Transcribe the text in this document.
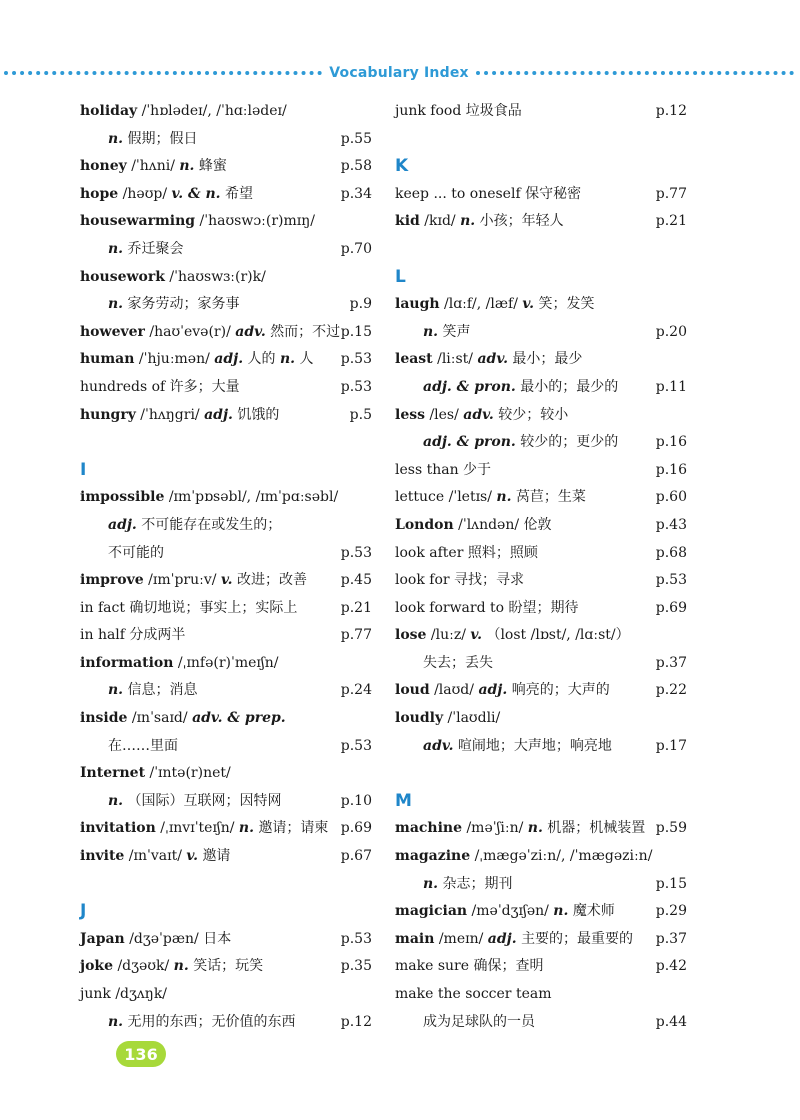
Vocabulary Index
holiday /ˈhɒlədeɪ/, /ˈhɑːlədeɪ/
n. 假期；假日	p.55
honey /ˈhʌni/ n. 蜂蜜	p.58
hope /həʊp/ v. & n. 希望	p.34
housewarming /ˈhaʊswɔː(r)mɪŋ/
n. 乔迁聚会	p.70
housework /ˈhaʊswɜː(r)k/
n. 家务劳动；家务事	p.9
however /haʊˈevə(r)/ adv. 然而；不过 p.15
human /ˈhjuːmən/ adj. 人的 n. 人 p.53
hundreds of 许多；大量	p.53
hungry /ˈhʌŋgri/ adj. 饥饿的	p.5
I
impossible /ɪmˈpɒsəbl/, /ɪmˈpɑːsəbl/
adj. 不可能存在或发生的；
不可能的	p.53
improve /ɪmˈpruːv/ v. 改进；改善 p.45
in fact 确切地说；事实上；实际上	p.21
in half 分成两半	p.77
information /ˌɪnfə(r)ˈmeɪʃn/
n. 信息；消息	p.24
inside /ɪnˈsaɪd/ adv. & prep.
在……里面	p.53
Internet /ˈɪntə(r)net/
n. （国际）互联网；因特网	p.10
invitation /ˌɪnvɪˈteɪʃn/ n. 邀请；请柬 p.69
invite /ɪnˈvaɪt/ v. 邀请	p.67
J
Japan /dʒəˈpæn/ 日本	p.53
joke /dʒəʊk/ n. 笑话；玩笑	p.35
junk /dʒʌŋk/
n. 无用的东西；无价值的东西	p.12
junk food 垃圾食品	p.12
K
keep ... to oneself 保守秘密	p.77
kid /kɪd/ n. 小孩；年轻人	p.21
L
laugh /lɑːf/, /læf/ v. 笑；发笑
n. 笑声	p.20
least /liːst/ adv. 最小；最少
adj. & pron. 最小的；最少的	p.11
less /les/ adv. 较少；较小
adj. & pron. 较少的；更少的	p.16
less than 少于	p.16
lettuce /ˈletɪs/ n. 莴苣；生菜	p.60
London /ˈlʌndən/ 伦敦	p.43
look after 照料；照顾	p.68
look for 寻找；寻求	p.53
look forward to 盼望；期待	p.69
lose /luːz/ v. （lost /lɒst/, /lɑːst/）
失去；丢失	p.37
loud /laʊd/ adj. 响亮的；大声的	p.22
loudly /ˈlaʊdli/
adv. 喧闹地；大声地；响亮地	p.17
M
machine /məˈʃiːn/ n. 机器；机械装置 p.59
magazine /ˌmægəˈziːn/, /ˈmægəziːn/
n. 杂志；期刊	p.15
magician /məˈdʒɪʃən/ n. 魔术师	p.29
main /meɪn/ adj. 主要的；最重要的 p.37
make sure 确保；查明	p.42
make the soccer team
成为足球队的一员	p.44
136
